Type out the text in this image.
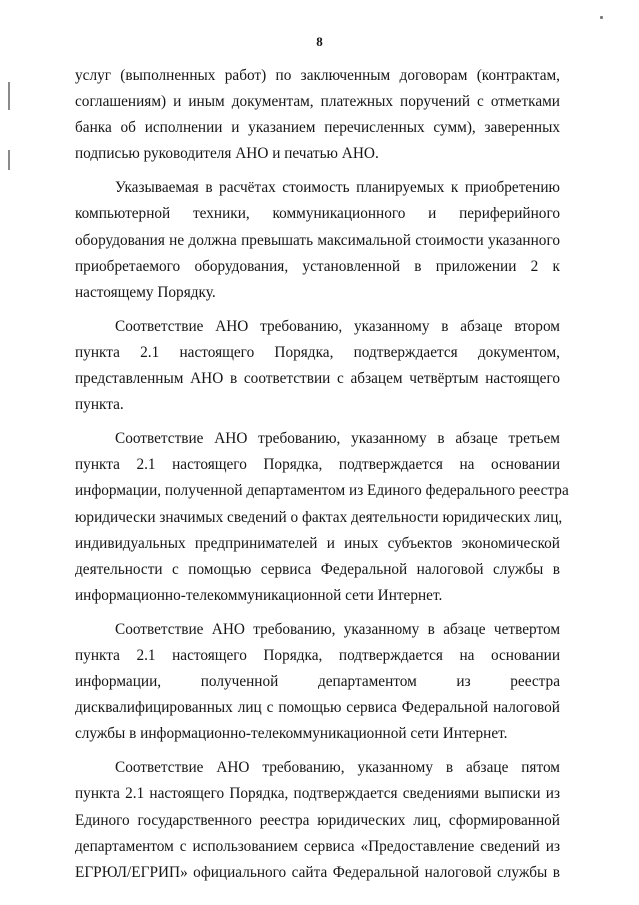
8
услуг (выполненных работ) по заключенным договорам (контрактам,
соглашениям) и иным документам, платежных поручений с отметками
банка об исполнении и указанием перечисленных сумм), заверенных
подписью руководителя АНО и печатью АНО.
Указываемая в расчётах стоимость планируемых к приобретению
компьютерной техники, коммуникационного и периферийного
оборудования не должна превышать максимальной стоимости указанного
приобретаемого оборудования, установленной в приложении 2 к
настоящему Порядку.
Соответствие АНО требованию, указанному в абзаце втором
пункта 2.1 настоящего Порядка, подтверждается документом,
представленным АНО в соответствии с абзацем четвёртым настоящего
пункта.
Соответствие АНО требованию, указанному в абзаце третьем
пункта 2.1 настоящего Порядка, подтверждается на основании
информации, полученной департаментом из Единого федерального реестра
юридически значимых сведений о фактах деятельности юридических лиц,
индивидуальных предпринимателей и иных субъектов экономической
деятельности с помощью сервиса Федеральной налоговой службы в
информационно-телекоммуникационной сети Интернет.
Соответствие АНО требованию, указанному в абзаце четвертом
пункта 2.1 настоящего Порядка, подтверждается на основании
информации, полученной департаментом из реестра
дисквалифицированных лиц с помощью сервиса Федеральной налоговой
службы в информационно-телекоммуникационной сети Интернет.
Соответствие АНО требованию, указанному в абзаце пятом
пункта 2.1 настоящего Порядка, подтверждается сведениями выписки из
Единого государственного реестра юридических лиц, сформированной
департаментом с использованием сервиса «Предоставление сведений из
ЕГРЮЛ/ЕГРИП» официального сайта Федеральной налоговой службы в
